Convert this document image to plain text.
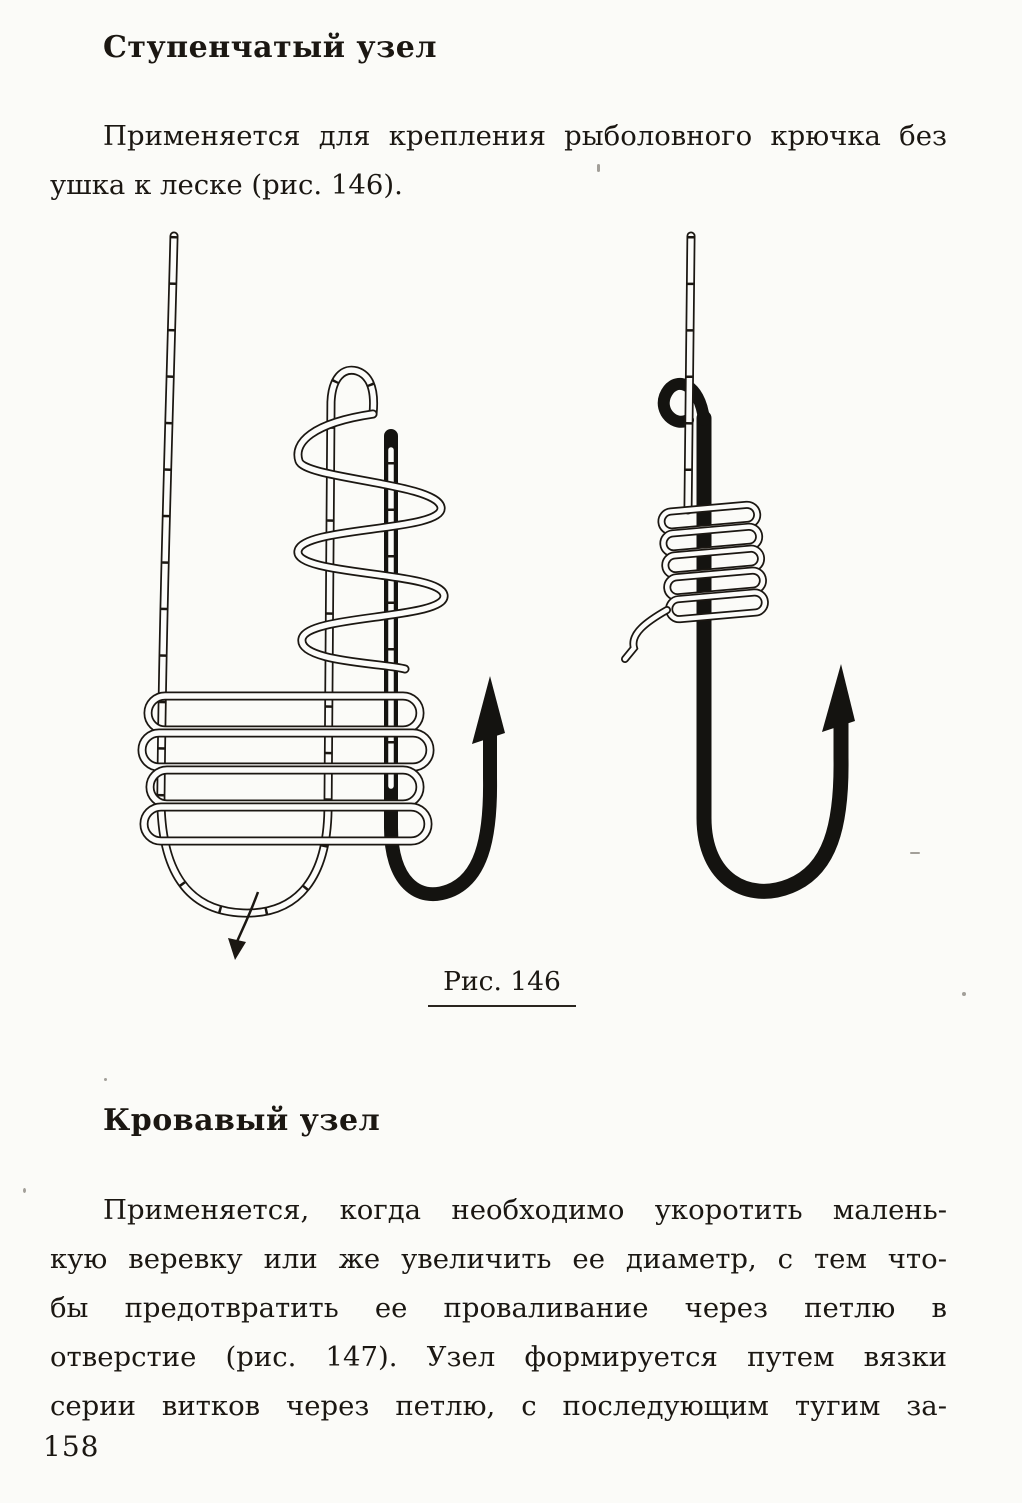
Ступенчатый узел
Применяется для крепления рыболовного крючка без
ушка к леске (рис. 146).
Рис. 146
Кровавый узел
Применяется, когда необходимо укоротить малень-
кую веревку или же увеличить ее диаметр, с тем что-
бы предотвратить ее проваливание через петлю в
отверстие (рис. 147). Узел формируется путем вязки
серии витков через петлю, с последующим тугим за-
158
